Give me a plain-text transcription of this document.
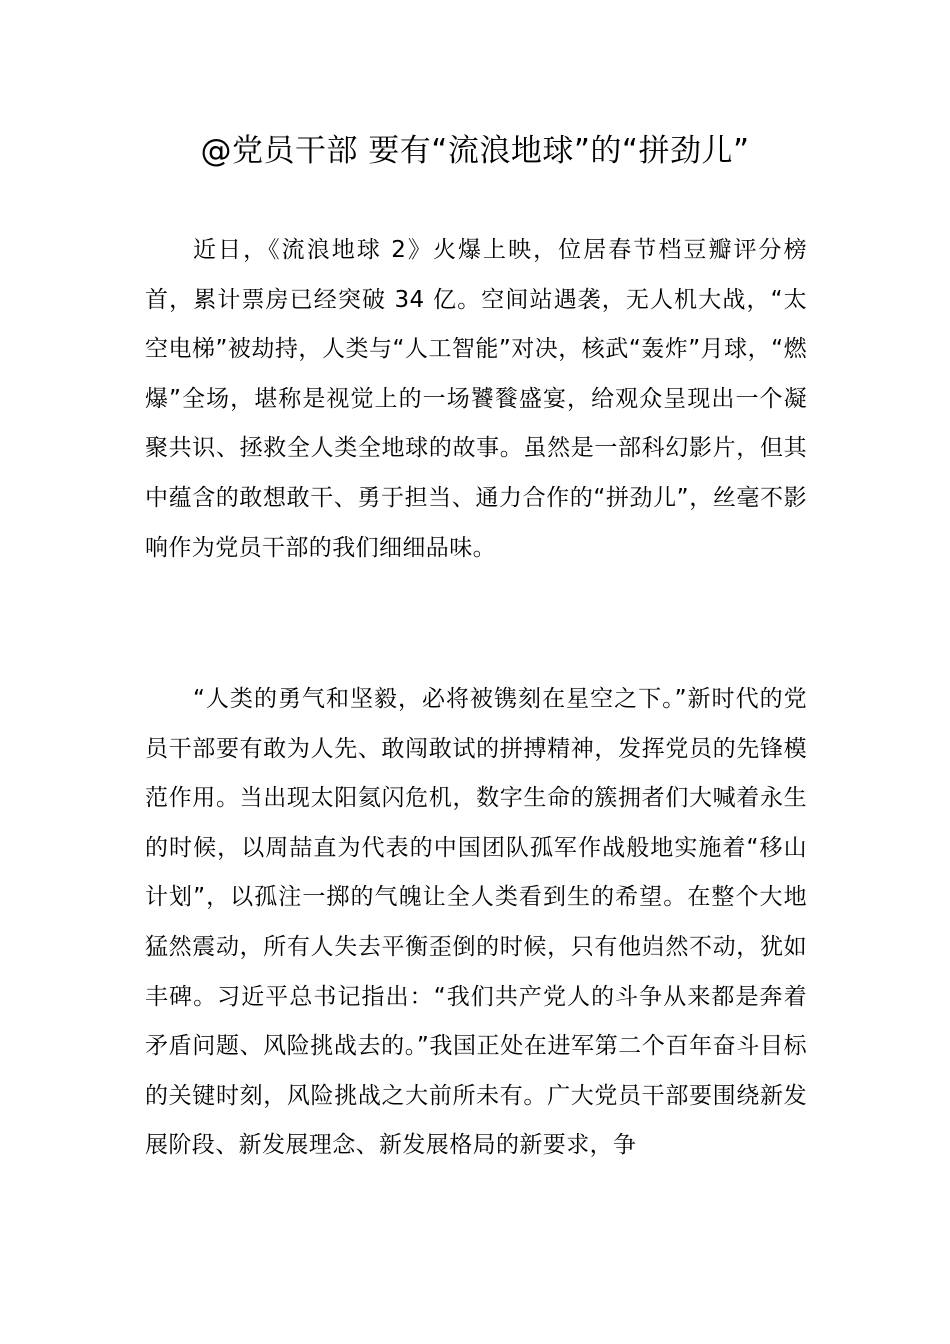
@党员干部 要有“流浪地球”的“拼劲儿”

近日，《流浪地球 2》火爆上映，位居春节档豆瓣评分榜首，累计票房已经突破 34 亿。空间站遇袭，无人机大战，“太空电梯”被劫持，人类与“人工智能”对决，核武“轰炸”月球，“燃爆”全场，堪称是视觉上的一场饕餮盛宴，给观众呈现出一个凝聚共识、拯救全人类全地球的故事。虽然是一部科幻影片，但其中蕴含的敢想敢干、勇于担当、通力合作的“拼劲儿”，丝毫不影响作为党员干部的我们细细品味。

“人类的勇气和坚毅，必将被镌刻在星空之下。”新时代的党员干部要有敢为人先、敢闯敢试的拼搏精神，发挥党员的先锋模范作用。当出现太阳氦闪危机，数字生命的簇拥者们大喊着永生的时候，以周喆直为代表的中国团队孤军作战般地实施着“移山计划”，以孤注一掷的气魄让全人类看到生的希望。在整个大地猛然震动，所有人失去平衡歪倒的时候，只有他岿然不动，犹如丰碑。习近平总书记指出：“我们共产党人的斗争从来都是奔着矛盾问题、风险挑战去的。”我国正处在进军第二个百年奋斗目标的关键时刻，风险挑战之大前所未有。广大党员干部要围绕新发展阶段、新发展理念、新发展格局的新要求，争
